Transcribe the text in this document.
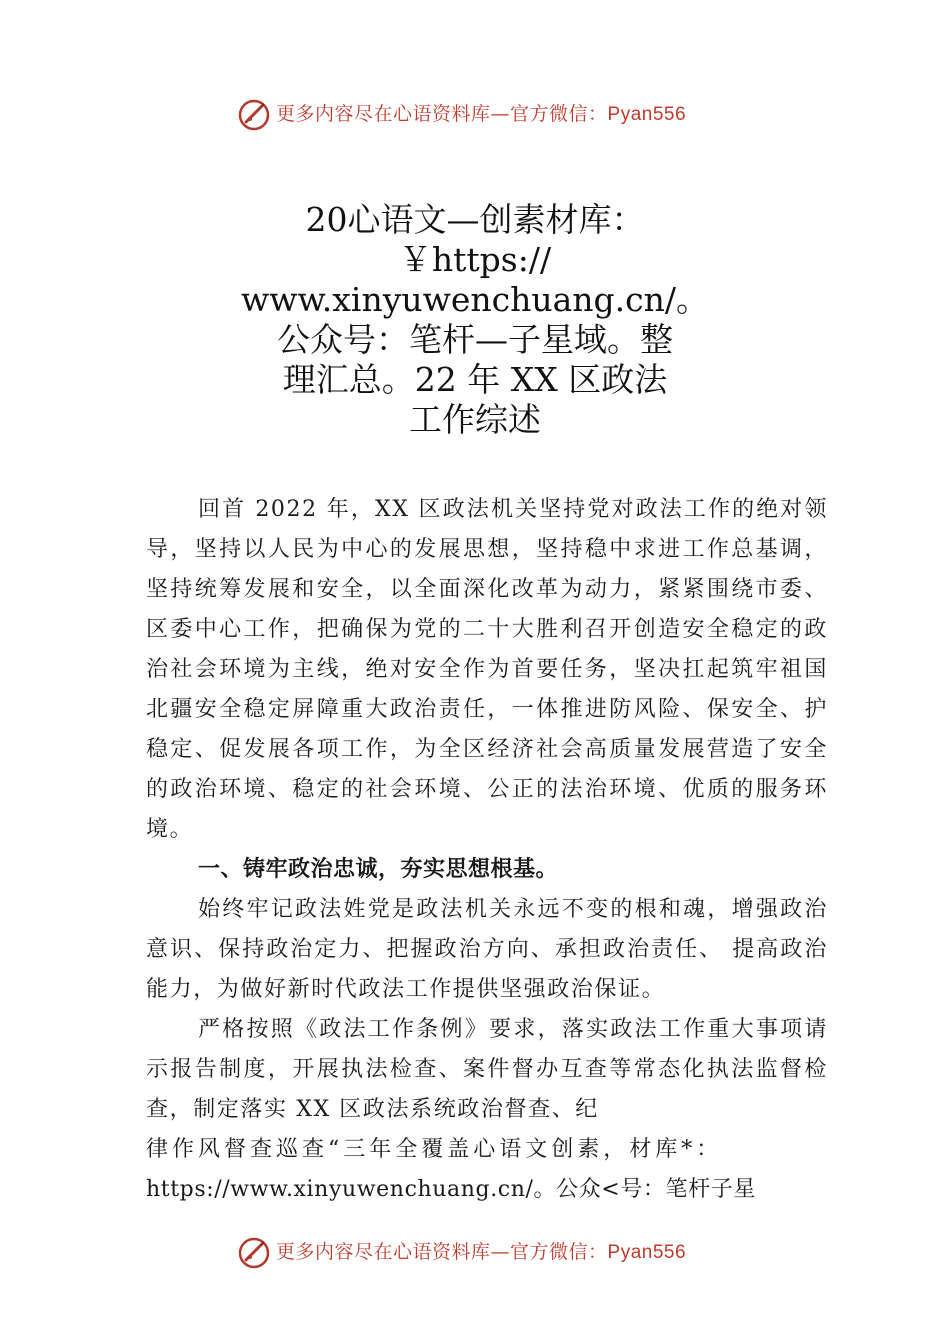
更多内容尽在心语资料库—官方微信：Pyan556
20心语文—创素材库：
￥https://
www.xinyuwenchuang.cn/。
公众号：笔杆—子星域。整
理汇总。22 年 XX 区政法
工作综述

回首 2022 年，XX 区政法机关坚持党对政法工作的绝对领导，坚持以人民为中心的发展思想，坚持稳中求进工作总基调，坚持统筹发展和安全，以全面深化改革为动力，紧紧围绕市委、区委中心工作，把确保为党的二十大胜利召开创造安全稳定的政治社会环境为主线，绝对安全作为首要任务，坚决扛起筑牢祖国北疆安全稳定屏障重大政治责任，一体推进防风险、保安全、护稳定、促发展各项工作，为全区经济社会高质量发展营造了安全的政治环境、稳定的社会环境、公正的法治环境、优质的服务环境。

一、铸牢政治忠诚，夯实思想根基。

始终牢记政法姓党是政法机关永远不变的根和魂，增强政治意识、保持政治定力、把握政治方向、承担政治责任、 提高政治能力，为做好新时代政法工作提供坚强政治保证。

严格按照《政法工作条例》要求，落实政法工作重大事项请示报告制度，开展执法检查、案件督办互查等常态化执法监督检查，制定落实 XX 区政法系统政治督查、纪

律作风督查巡查“三年全覆盖心语文创素，材库*：

https://www.xinyuwenchuang.cn/。公众<号：笔杆子星

更多内容尽在心语资料库—官方微信：Pyan556
